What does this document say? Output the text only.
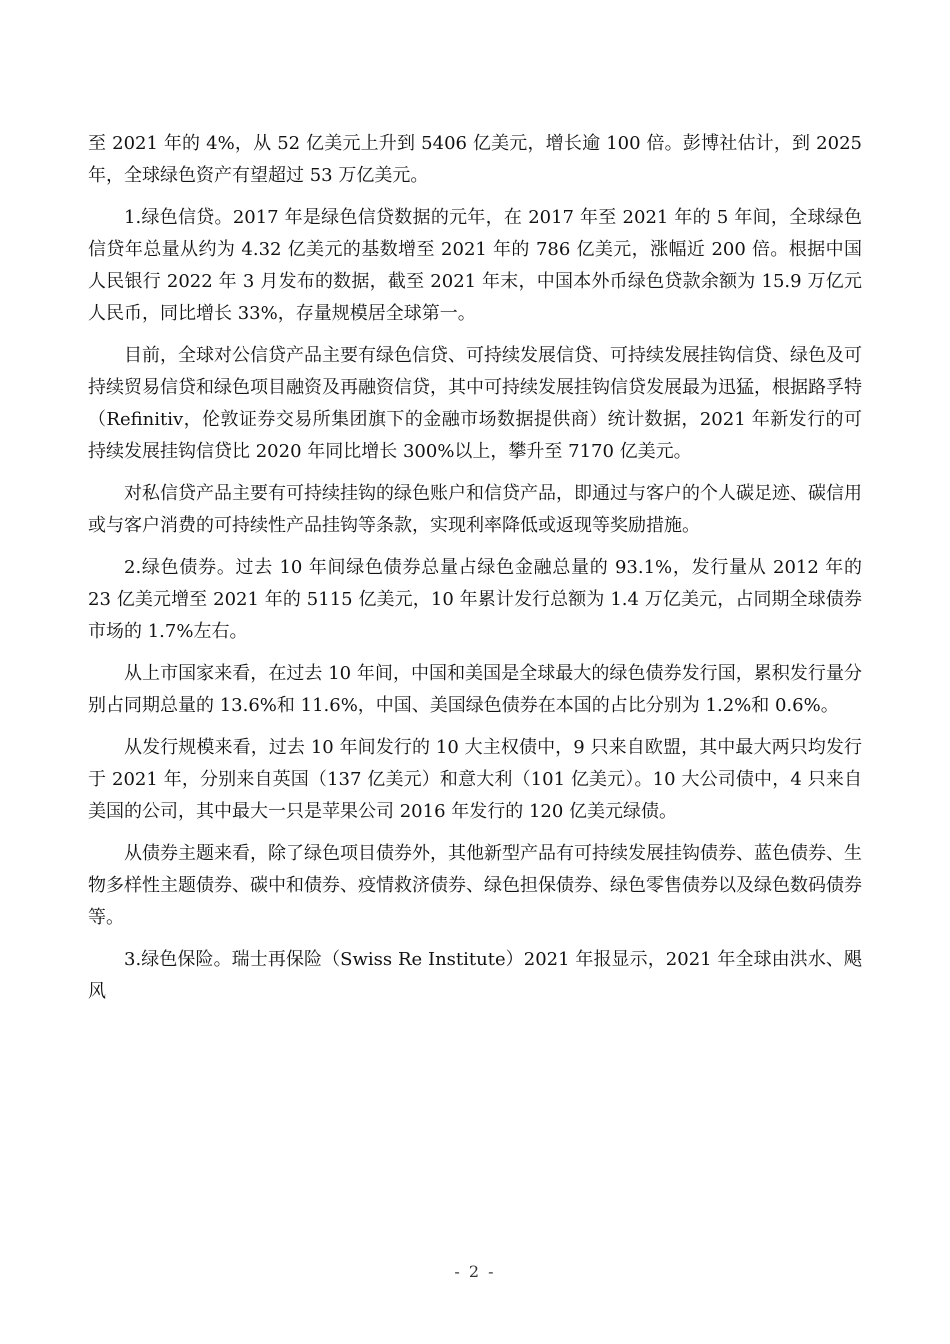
至 2021 年的 4%，从 52 亿美元上升到 5406 亿美元，增长逾 100 倍。彭博社估计，到 2025 年，全球绿色资产有望超过 53 万亿美元。

1.绿色信贷。2017 年是绿色信贷数据的元年，在 2017 年至 2021 年的 5 年间，全球绿色信贷年总量从约为 4.32 亿美元的基数增至 2021 年的 786 亿美元，涨幅近 200 倍。根据中国人民银行 2022 年 3 月发布的数据，截至 2021 年末，中国本外币绿色贷款余额为 15.9 万亿元人民币，同比增长 33%，存量规模居全球第一。

目前，全球对公信贷产品主要有绿色信贷、可持续发展信贷、可持续发展挂钩信贷、绿色及可持续贸易信贷和绿色项目融资及再融资信贷，其中可持续发展挂钩信贷发展最为迅猛，根据路孚特（Refinitiv，伦敦证券交易所集团旗下的金融市场数据提供商）统计数据，2021 年新发行的可持续发展挂钩信贷比 2020 年同比增长 300%以上，攀升至 7170 亿美元。

对私信贷产品主要有可持续挂钩的绿色账户和信贷产品，即通过与客户的个人碳足迹、碳信用或与客户消费的可持续性产品挂钩等条款，实现利率降低或返现等奖励措施。

2.绿色债券。过去 10 年间绿色债券总量占绿色金融总量的 93.1%，发行量从 2012 年的 23 亿美元增至 2021 年的 5115 亿美元，10 年累计发行总额为 1.4 万亿美元，占同期全球债券市场的 1.7%左右。

从上市国家来看，在过去 10 年间，中国和美国是全球最大的绿色债券发行国，累积发行量分别占同期总量的 13.6%和 11.6%，中国、美国绿色债券在本国的占比分别为 1.2%和 0.6%。

从发行规模来看，过去 10 年间发行的 10 大主权债中，9 只来自欧盟，其中最大两只均发行于 2021 年，分别来自英国（137 亿美元）和意大利（101 亿美元）。10 大公司债中，4 只来自美国的公司，其中最大一只是苹果公司 2016 年发行的 120 亿美元绿债。

从债券主题来看，除了绿色项目债券外，其他新型产品有可持续发展挂钩债券、蓝色债券、生物多样性主题债券、碳中和债券、疫情救济债券、绿色担保债券、绿色零售债券以及绿色数码债券等。

3.绿色保险。瑞士再保险（Swiss Re Institute）2021 年报显示，2021 年全球由洪水、飓风

- 2 -
